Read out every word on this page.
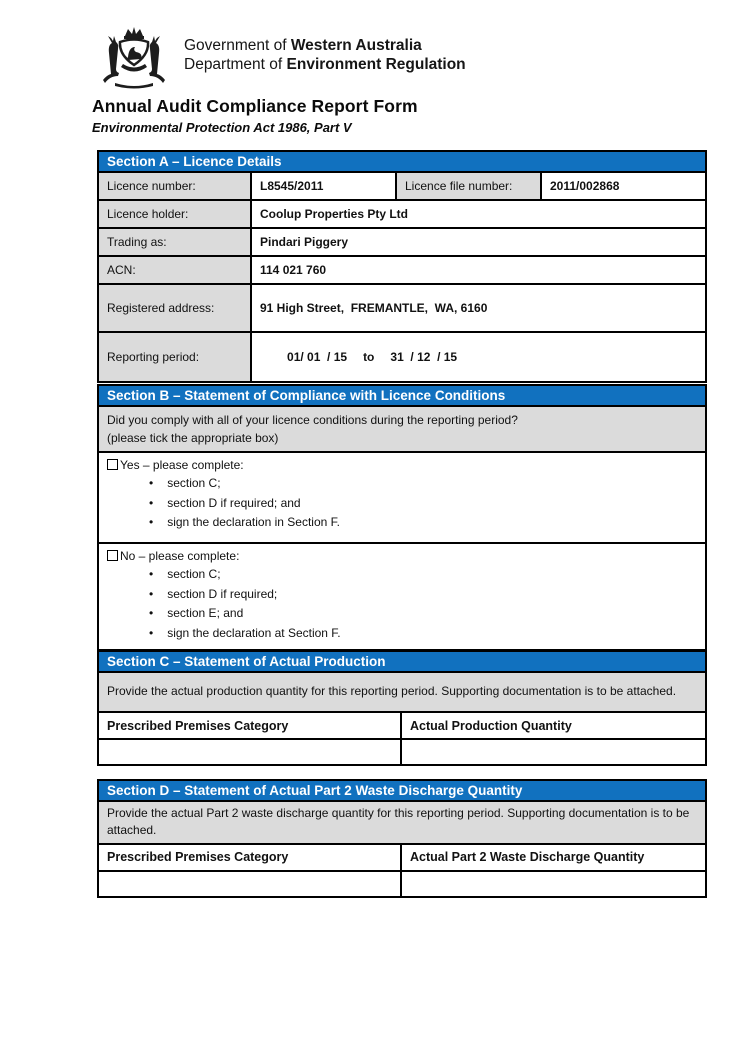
Government of Western Australia
Department of Environment Regulation
Annual Audit Compliance Report Form
Environmental Protection Act 1986, Part V
Section A – Licence Details			
Licence number:	L8545/2011	Licence file number:	2011/002868
Licence holder:	Coolup Properties Pty Ltd		
Trading as:	Pindari Piggery		
ACN:	114 021 760		
Registered address:	91 High Street,  FREMANTLE,  WA, 6160		
Reporting period:	01/ 01  / 15 to 31  / 12  / 15		

Section B – Statement of Compliance with Licence Conditions

Did you comply with all of your licence conditions during the reporting period?
(please tick the appropriate box)

Yes – please complete:
• section C;
• section D if required; and
• sign the declaration in Section F.

No – please complete:
• section C;
• section D if required;
• section E; and
• sign the declaration at Section F.
Section C – Statement of Actual Production	
Provide the actual production quantity for this reporting period. Supporting documentation is to be attached.	
Prescribed Premises Category	Actual Production Quantity

Section D – Statement of Actual Part 2 Waste Discharge Quantity	
Provide the actual Part 2 waste discharge quantity for this reporting period. Supporting documentation is to be attached.	
Prescribed Premises Category	Actual Part 2 Waste Discharge Quantity
